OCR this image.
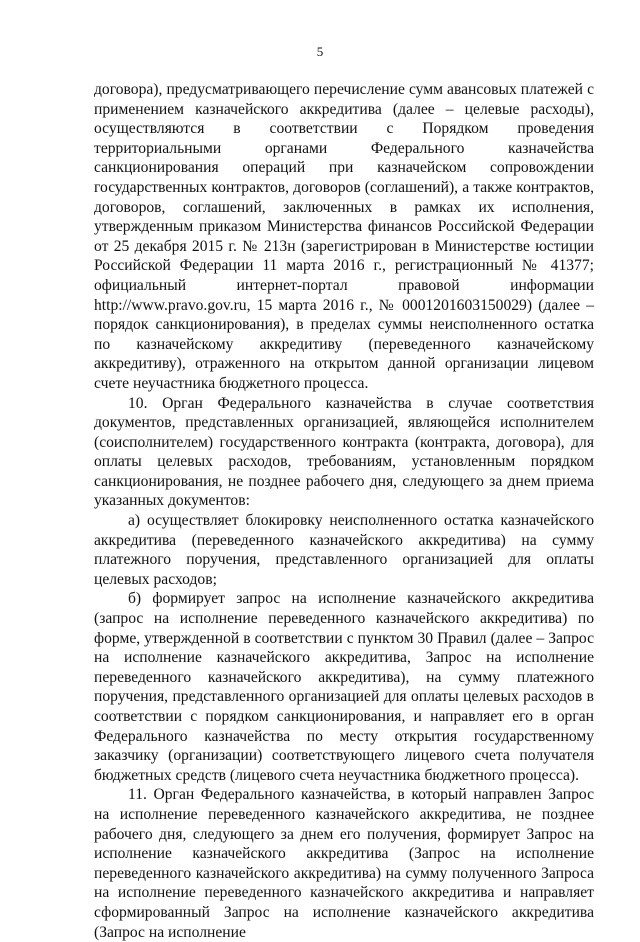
5

договора), предусматривающего перечисление сумм авансовых платежей с применением казначейского аккредитива (далее – целевые расходы), осуществляются в соответствии с Порядком проведения территориальными органами Федерального казначейства санкционирования операций при казначейском сопровождении государственных контрактов, договоров (соглашений), а также контрактов, договоров, соглашений, заключенных в рамках их исполнения, утвержденным приказом Министерства финансов Российской Федерации от 25 декабря 2015 г. № 213н (зарегистрирован в Министерстве юстиции Российской Федерации 11 марта 2016 г., регистрационный № 41377; официальный интернет-портал правовой информации http://www.pravo.gov.ru, 15 марта 2016 г., № 0001201603150029) (далее – порядок санкционирования), в пределах суммы неисполненного остатка по казначейскому аккредитиву (переведенного казначейскому аккредитиву), отраженного на открытом данной организации лицевом счете неучастника бюджетного процесса.

10. Орган Федерального казначейства в случае соответствия документов, представленных организацией, являющейся исполнителем (соисполнителем) государственного контракта (контракта, договора), для оплаты целевых расходов, требованиям, установленным порядком санкционирования, не позднее рабочего дня, следующего за днем приема указанных документов:

а) осуществляет блокировку неисполненного остатка казначейского аккредитива (переведенного казначейского аккредитива) на сумму платежного поручения, представленного организацией для оплаты целевых расходов;

б) формирует запрос на исполнение казначейского аккредитива (запрос на исполнение переведенного казначейского аккредитива) по форме, утвержденной в соответствии с пунктом 30 Правил (далее – Запрос на исполнение казначейского аккредитива, Запрос на исполнение переведенного казначейского аккредитива), на сумму платежного поручения, представленного организацией для оплаты целевых расходов в соответствии с порядком санкционирования, и направляет его в орган Федерального казначейства по месту открытия государственному заказчику (организации) соответствующего лицевого счета получателя бюджетных средств (лицевого счета неучастника бюджетного процесса).

11. Орган Федерального казначейства, в который направлен Запрос на исполнение переведенного казначейского аккредитива, не позднее рабочего дня, следующего за днем его получения, формирует Запрос на исполнение казначейского аккредитива (Запрос на исполнение переведенного казначейского аккредитива) на сумму полученного Запроса на исполнение переведенного казначейского аккредитива и направляет сформированный Запрос на исполнение казначейского аккредитива (Запрос на исполнение
